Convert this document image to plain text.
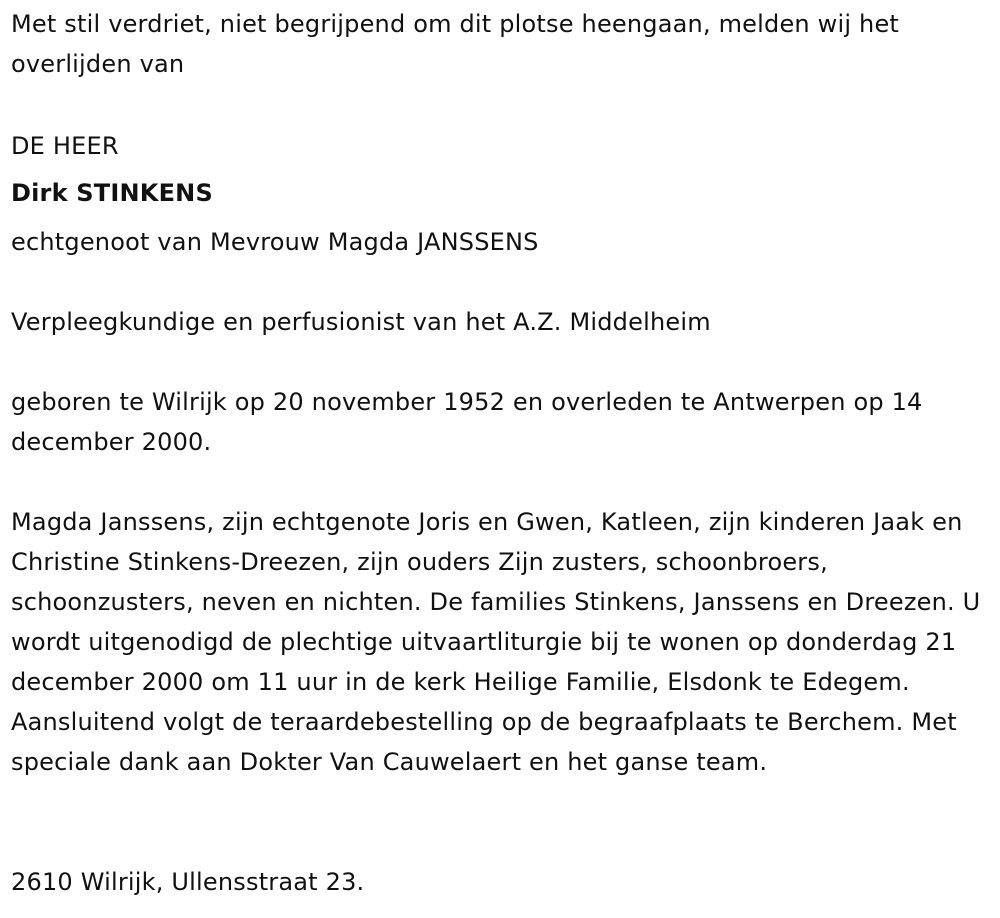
Met stil verdriet, niet begrijpend om dit plotse heengaan, melden wij het overlijden van
DE HEER
Dirk STINKENS
echtgenoot van Mevrouw Magda JANSSENS
Verpleegkundige en perfusionist van het A.Z. Middelheim
geboren te Wilrijk op 20 november 1952 en overleden te Antwerpen op 14 december 2000.
Magda Janssens, zijn echtgenote Joris en Gwen, Katleen, zijn kinderen Jaak en Christine Stinkens-Dreezen, zijn ouders Zijn zusters, schoonbroers, schoonzusters, neven en nichten. De families Stinkens, Janssens en Dreezen. U wordt uitgenodigd de plechtige uitvaartliturgie bij te wonen op donderdag 21 december 2000 om 11 uur in de kerk Heilige Familie, Elsdonk te Edegem. Aansluitend volgt de teraardebestelling op de begraafplaats te Berchem. Met speciale dank aan Dokter Van Cauwelaert en het ganse team.
2610 Wilrijk, Ullensstraat 23.
